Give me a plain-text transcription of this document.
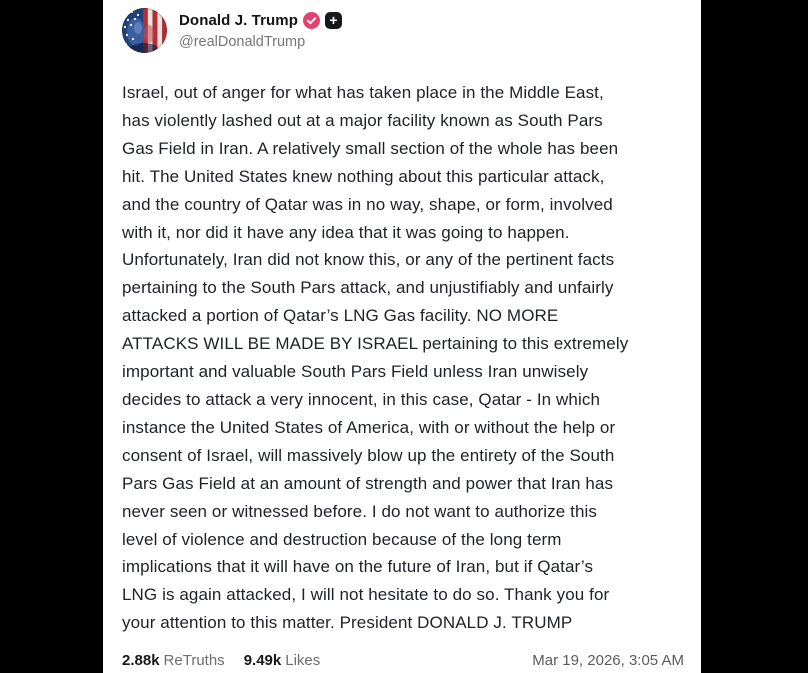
Donald J. Trump	+
@realDonaldTrump
Israel, out of anger for what has taken place in the Middle East,
has violently lashed out at a major facility known as South Pars
Gas Field in Iran. A relatively small section of the whole has been
hit. The United States knew nothing about this particular attack,
and the country of Qatar was in no way, shape, or form, involved
with it, nor did it have any idea that it was going to happen.
Unfortunately, Iran did not know this, or any of the pertinent facts
pertaining to the South Pars attack, and unjustifiably and unfairly
attacked a portion of Qatar’s LNG Gas facility. NO MORE
ATTACKS WILL BE MADE BY ISRAEL pertaining to this extremely
important and valuable South Pars Field unless Iran unwisely
decides to attack a very innocent, in this case, Qatar - In which
instance the United States of America, with or without the help or
consent of Israel, will massively blow up the entirety of the South
Pars Gas Field at an amount of strength and power that Iran has
never seen or witnessed before. I do not want to authorize this
level of violence and destruction because of the long term
implications that it will have on the future of Iran, but if Qatar’s
LNG is again attacked, I will not hesitate to do so. Thank you for
your attention to this matter. President DONALD J. TRUMP
2.88k ReTruths 9.49k Likes	Mar 19, 2026, 3:05 AM
